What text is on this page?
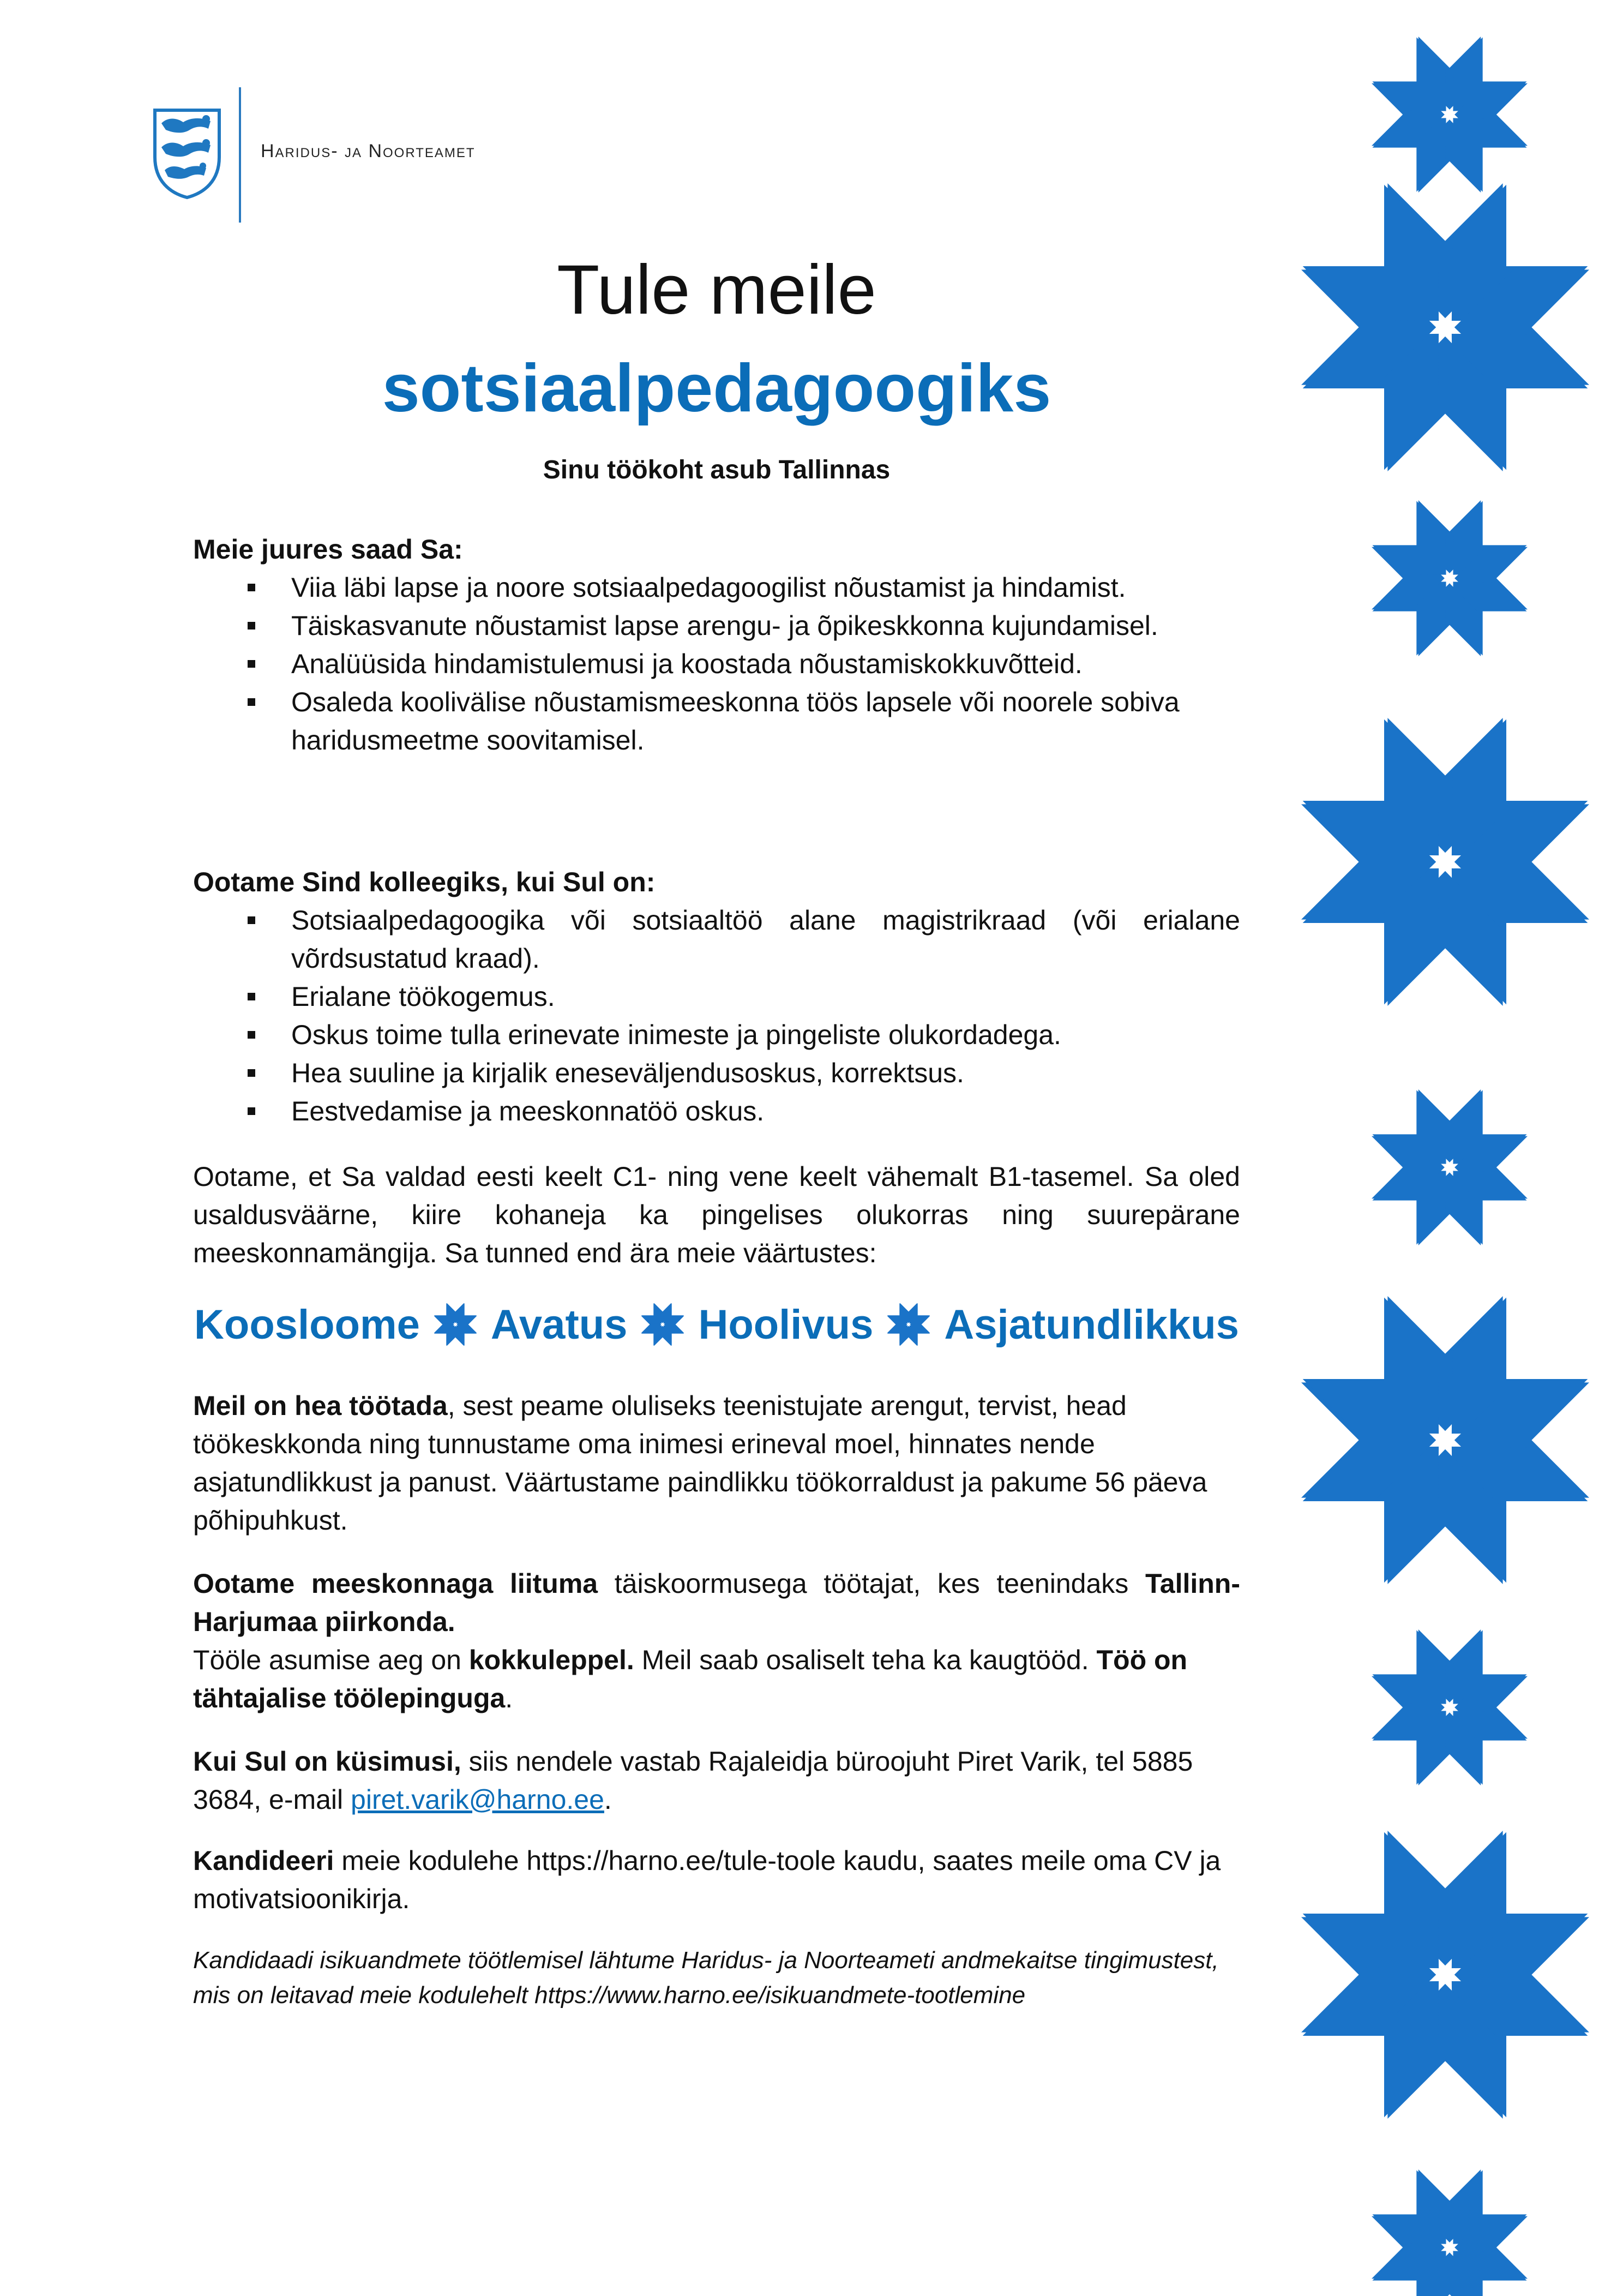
Haridus- ja Noorteamet
Tule meile
sotsiaalpedagoogiks
Sinu töökoht asub Tallinnas

Meie juures saad Sa:

Viia läbi lapse ja noore sotsiaalpedagoogilist nõustamist ja hindamist.
Täiskasvanute nõustamist lapse arengu- ja õpikeskkonna kujundamisel.
Analüüsida hindamistulemusi ja koostada nõustamiskokkuvõtteid.
Osaleda koolivälise nõustamismeeskonna töös lapsele või noorele sobiva haridusmeetme soovitamisel.

Ootame Sind kolleegiks, kui Sul on:

Sotsiaalpedagoogika või sotsiaaltöö alane magistrikraad (või erialane võrdsustatud kraad).
Erialane töökogemus.
Oskus toime tulla erinevate inimeste ja pingeliste olukordadega.
Hea suuline ja kirjalik eneseväljendusoskus, korrektsus.
Eestvedamise ja meeskonnatöö oskus.

Ootame, et Sa valdad eesti keelt C1- ning vene keelt vähemalt B1-tasemel. Sa oled usaldusväärne, kiire kohaneja ka pingelises olukorras ning suurepärane meeskonnamängija. Sa tunned end ära meie väärtustes:

Koosloome Avatus Hoolivus Asjatundlikkus

Meil on hea töötada, sest peame oluliseks teenistujate arengut, tervist, head töökeskkonda ning tunnustame oma inimesi erineval moel, hinnates nende asjatundlikkust ja panust. Väärtustame paindlikku töökorraldust ja pakume 56 päeva põhipuhkust.

Ootame meeskonnaga liituma täiskoormusega töötajat, kes teenindaks Tallinn-Harjumaa piirkonda.

Tööle asumise aeg on kokkuleppel. Meil saab osaliselt teha ka kaugtööd. Töö on tähtajalise töölepinguga.

Kui Sul on küsimusi, siis nendele vastab Rajaleidja büroojuht Piret Varik, tel 5885 3684, e-mail piret.varik@harno.ee.

Kandideeri meie kodulehe https://harno.ee/tule-toole kaudu, saates meile oma CV ja motivatsioonikirja.

Kandidaadi isikuandmete töötlemisel lähtume Haridus- ja Noorteameti andmekaitse tingimustest, mis on leitavad meie kodulehelt https://www.harno.ee/isikuandmete-tootlemine
